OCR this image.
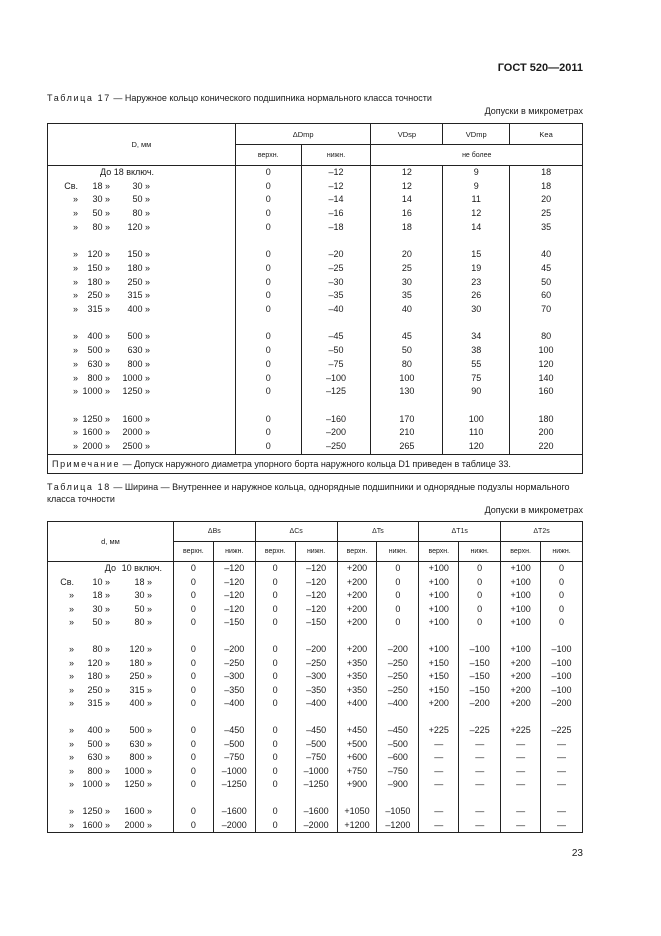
ГОСТ 520—2011
Таблица 17 — Наружное кольцо конического подшипника нормального класса точности
Допуски в микрометрах
D, мм	ΔDmp		VDsp	VDmp	Kea
	верхн.	нижн.	не более		

До 18 включ.	0	–12	12	9	18

Св. 18 » 30 »	0	–12	12	9	18

» 30 » 50 »	0	–14	14	11	20

» 50 » 80 »	0	–16	16	12	25

» 80 » 120 »	0	–18	18	14	35

» 120 » 150 »	0	–20	20	15	40

» 150 » 180 »	0	–25	25	19	45

» 180 » 250 »	0	–30	30	23	50

» 250 » 315 »	0	–35	35	26	60

» 315 » 400 »	0	–40	40	30	70

» 400 » 500 »	0	–45	45	34	80

» 500 » 630 »	0	–50	50	38	100

» 630 » 800 »	0	–75	80	55	120

» 800 » 1000 »	0	–100	100	75	140

» 1000 » 1250 »	0	–125	130	90	160

» 1250 » 1600 »	0	–160	170	100	180

» 1600 » 2000 »	0	–200	210	110	200

» 2000 » 2500 »	0	–250	265	120	220
Примечание — Допуск наружного диаметра упорного борта наружного кольца D1 приведен в таблице 33.					
Таблица 18 — Ширина — Внутреннее и наружное кольца, однорядные подшипники и однорядные подузлы нормального класса точности
Допуски в микрометрах
d, мм	ΔBs		ΔCs		ΔTs		ΔT1s		ΔT2s	
	верхн.	нижн.	верхн.	нижн.	верхн.	нижн.	верхн.	нижн.	верхн.	нижн.

До 10 включ.	0	–120	0	–120	+200	0	+100	0	+100	0

Св. 10 » 18 »	0	–120	0	–120	+200	0	+100	0	+100	0

» 18 » 30 »	0	–120	0	–120	+200	0	+100	0	+100	0

» 30 » 50 »	0	–120	0	–120	+200	0	+100	0	+100	0

» 50 » 80 »	0	–150	0	–150	+200	0	+100	0	+100	0

» 80 » 120 »	0	–200	0	–200	+200	–200	+100	–100	+100	–100

» 120 » 180 »	0	–250	0	–250	+350	–250	+150	–150	+200	–100

» 180 » 250 »	0	–300	0	–300	+350	–250	+150	–150	+200	–100

» 250 » 315 »	0	–350	0	–350	+350	–250	+150	–150	+200	–100

» 315 » 400 »	0	–400	0	–400	+400	–400	+200	–200	+200	–200

» 400 » 500 »	0	–450	0	–450	+450	–450	+225	–225	+225	–225

» 500 » 630 »	0	–500	0	–500	+500	–500	—	—	—	—

» 630 » 800 »	0	–750	0	–750	+600	–600	—	—	—	—

» 800 » 1000 »	0	–1000	0	–1000	+750	–750	—	—	—	—

» 1000 » 1250 »	0	–1250	0	–1250	+900	–900	—	—	—	—

» 1250 » 1600 »	0	–1600	0	–1600	+1050	–1050	—	—	—	—

» 1600 » 2000 »	0	–2000	0	–2000	+1200	–1200	—	—	—	—
23
